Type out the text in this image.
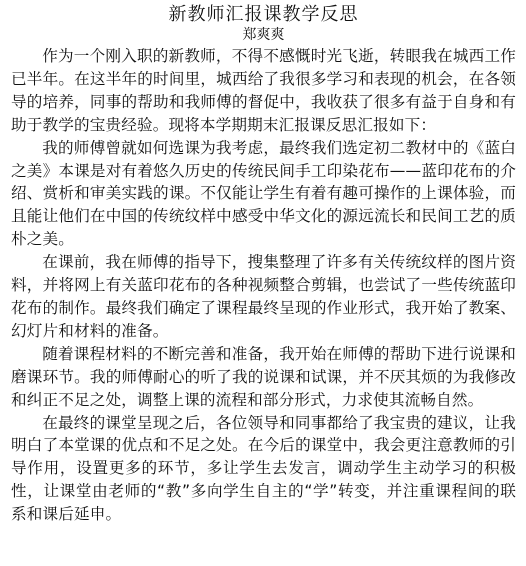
新教师汇报课教学反思
郑爽爽

作为一个刚入职的新教师，不得不感慨时光飞逝，转眼我在城西工作已半年。在这半年的时间里，城西给了我很多学习和表现的机会，在各领导的培养，同事的帮助和我师傅的督促中，我收获了很多有益于自身和有助于教学的宝贵经验。现将本学期期末汇报课反思汇报如下：

我的师傅曾就如何选课为我考虑，最终我们选定初二教材中的《蓝白之美》本课是对有着悠久历史的传统民间手工印染花布——蓝印花布的介绍、赏析和审美实践的课。不仅能让学生有着有趣可操作的上课体验，而且能让他们在中国的传统纹样中感受中华文化的源远流长和民间工艺的质朴之美。

在课前，我在师傅的指导下，搜集整理了许多有关传统纹样的图片资料，并将网上有关蓝印花布的各种视频整合剪辑，也尝试了一些传统蓝印花布的制作。最终我们确定了课程最终呈现的作业形式，我开始了教案、幻灯片和材料的准备。

随着课程材料的不断完善和准备，我开始在师傅的帮助下进行说课和磨课环节。我的师傅耐心的听了我的说课和试课，并不厌其烦的为我修改和纠正不足之处，调整上课的流程和部分形式，力求使其流畅自然。

在最终的课堂呈现之后，各位领导和同事都给了我宝贵的建议，让我明白了本堂课的优点和不足之处。在今后的课堂中，我会更注意教师的引导作用，设置更多的环节，多让学生去发言，调动学生主动学习的积极性，让课堂由老师的“教”多向学生自主的“学”转变，并注重课程间的联系和课后延申。
